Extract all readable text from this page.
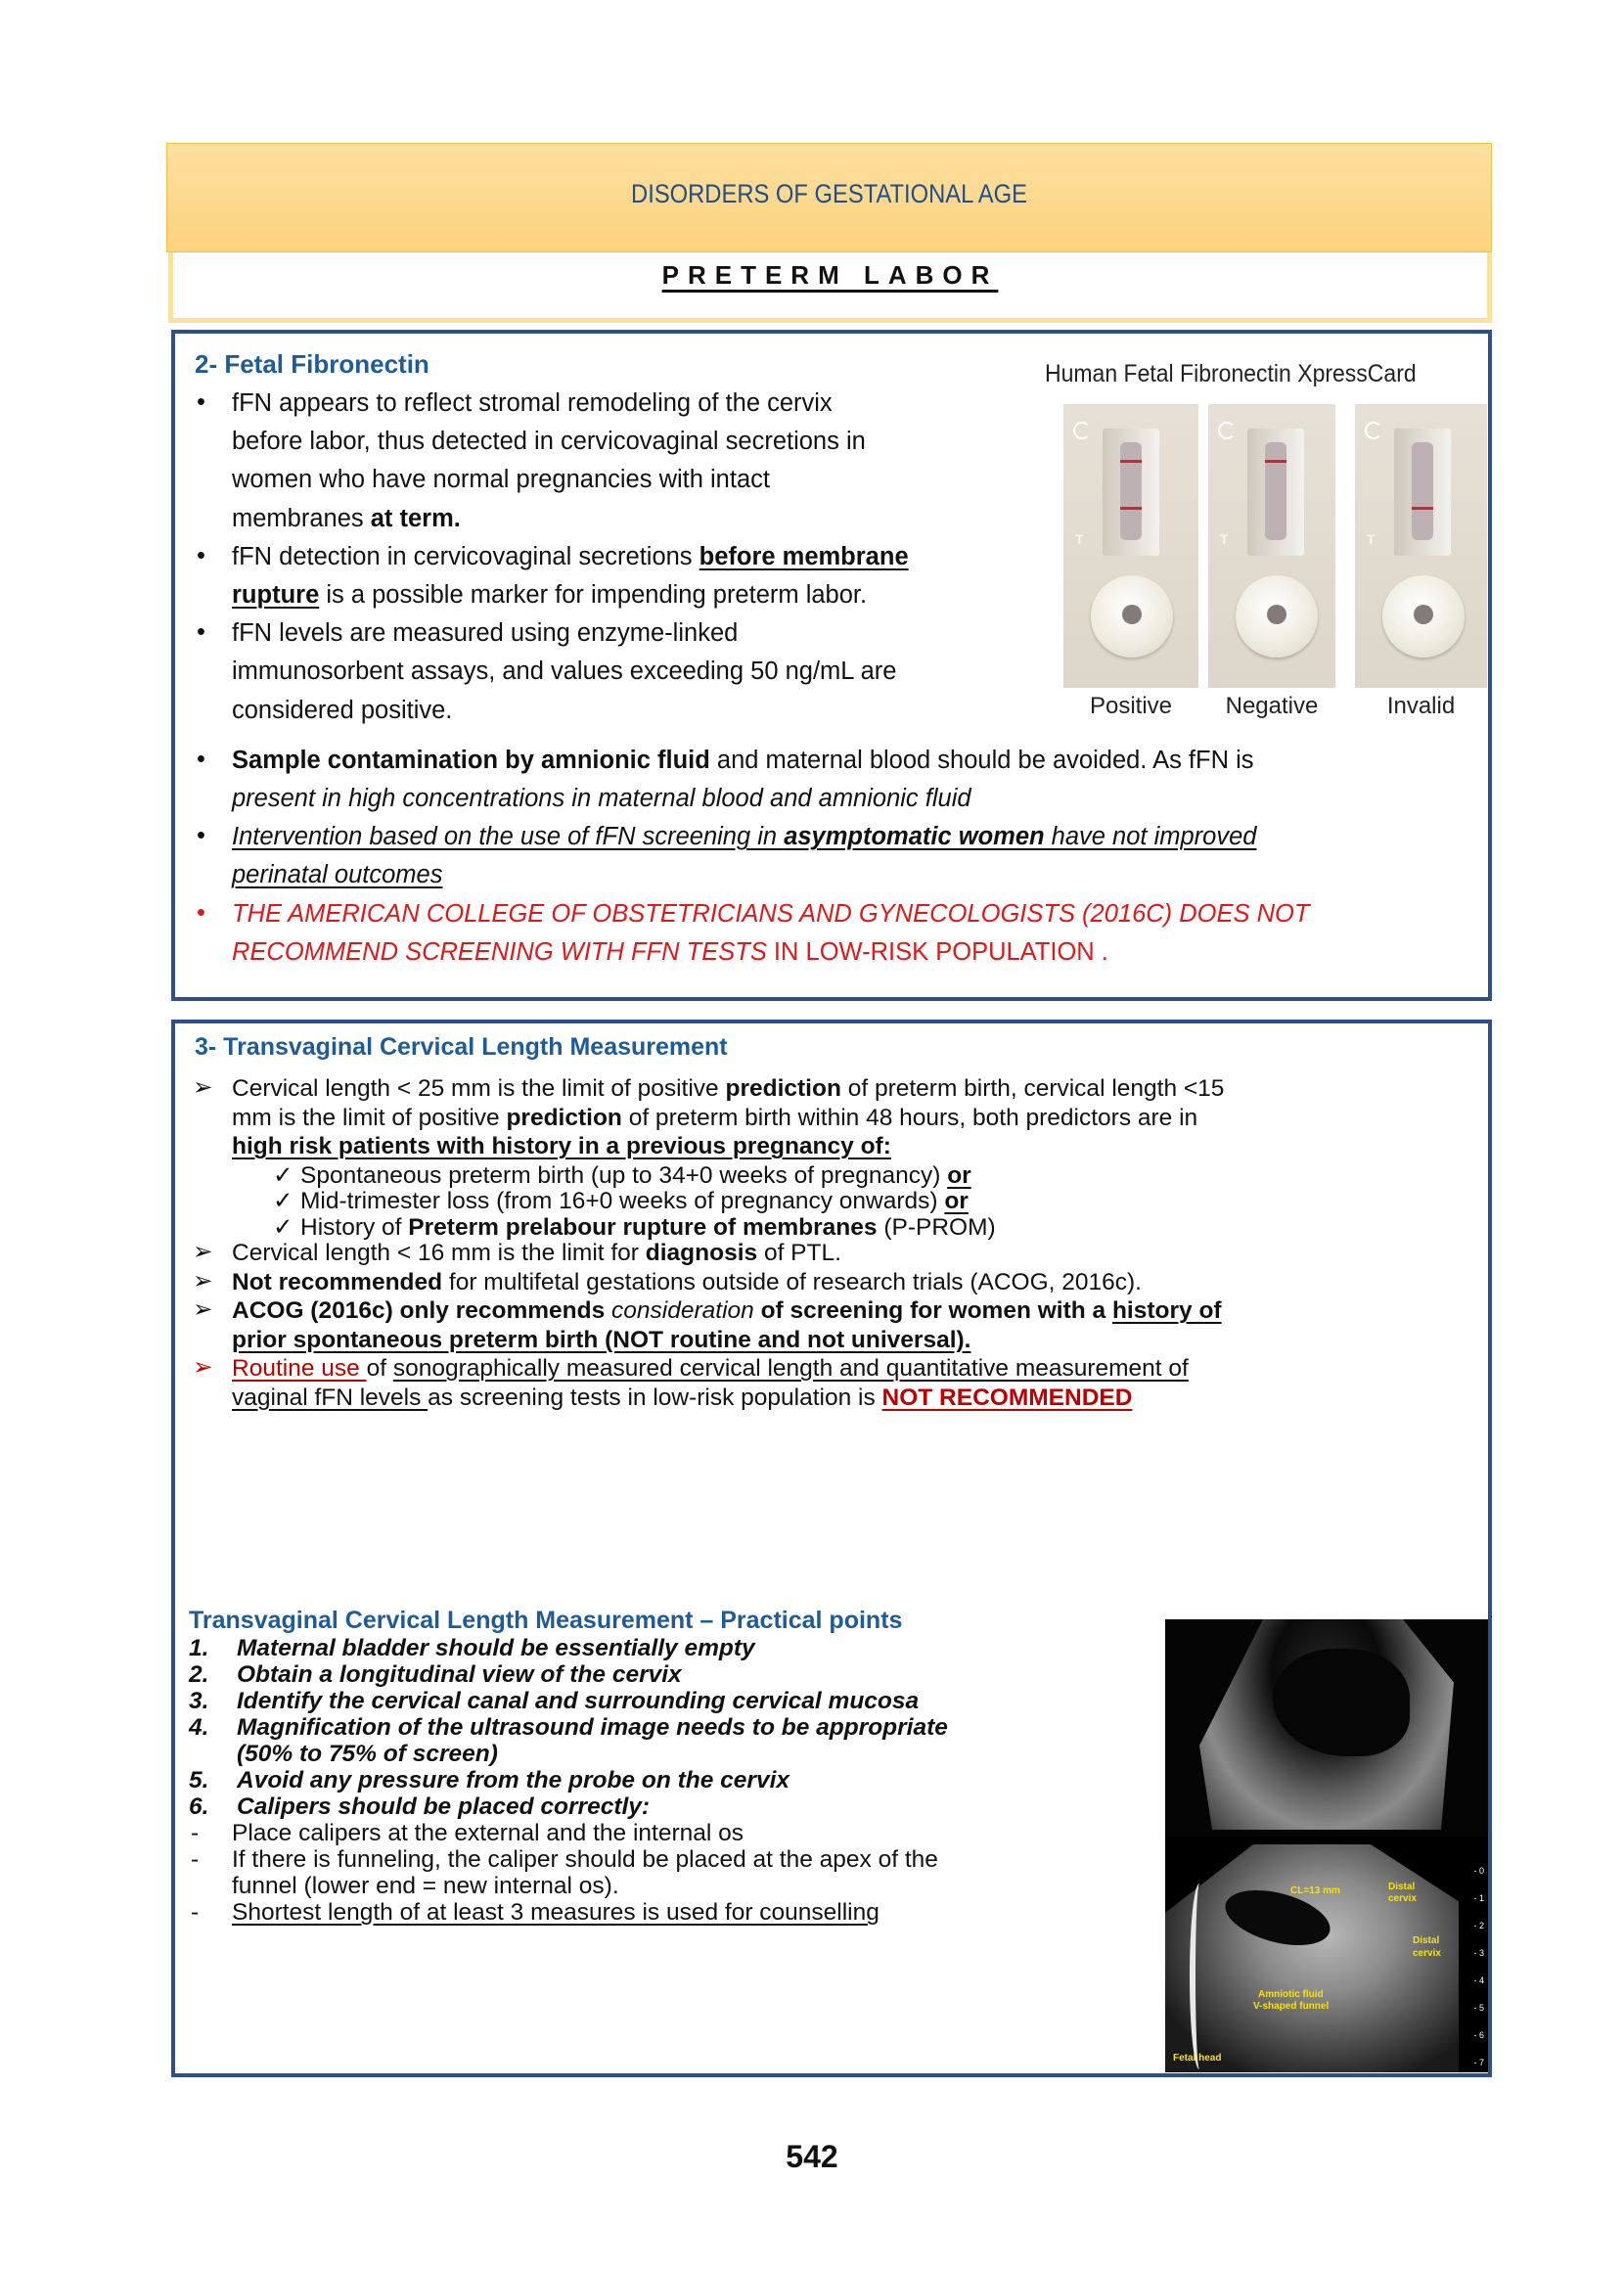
DISORDERS OF GESTATIONAL AGE
PRETERM LABOR
2- Fetal Fibronectin
• fFN appears to reflect stromal remodeling of the cervix
before labor, thus detected in cervicovaginal secretions in
women who have normal pregnancies with intact
membranes at term.
• fFN detection in cervicovaginal secretions before membrane
rupture is a possible marker for impending preterm labor.
• fFN levels are measured using enzyme-linked
immunosorbent assays, and values exceeding 50 ng/mL are
considered positive.
• Sample contamination by amnionic fluid and maternal blood should be avoided. As fFN is
present in high concentrations in maternal blood and amnionic fluid
• Intervention based on the use of fFN screening in asymptomatic women have not improved
perinatal outcomes
• THE AMERICAN COLLEGE OF OBSTETRICIANS AND GYNECOLOGISTS (2016C) DOES NOT
RECOMMEND SCREENING WITH FFN TESTS IN LOW-RISK POPULATION .
Human Fetal Fibronectin XpressCard
T
Positive
T
Negative
T
Invalid
3- Transvaginal Cervical Length Measurement
➢ Cervical length < 25 mm is the limit of positive prediction of preterm birth, cervical length <15
mm is the limit of positive prediction of preterm birth within 48 hours, both predictors are in
high risk patients with history in a previous pregnancy of:
✓ Spontaneous preterm birth (up to 34+0 weeks of pregnancy) or
✓ Mid-trimester loss (from 16+0 weeks of pregnancy onwards) or
✓ History of Preterm prelabour rupture of membranes (P-PROM)
➢ Cervical length < 16 mm is the limit for diagnosis of PTL.
➢ Not recommended for multifetal gestations outside of research trials (ACOG, 2016c).
➢ ACOG (2016c) only recommends consideration of screening for women with a history of
prior spontaneous preterm birth (NOT routine and not universal).
➢ Routine use of sonographically measured cervical length and quantitative measurement of
vaginal fFN levels as screening tests in low-risk population is NOT RECOMMENDED
Transvaginal Cervical Length Measurement – Practical points
1. Maternal bladder should be essentially empty
2. Obtain a longitudinal view of the cervix
3. Identify the cervical canal and surrounding cervical mucosa
4. Magnification of the ultrasound image needs to be appropriate
(50% to 75% of screen)
5. Avoid any pressure from the probe on the cervix
6. Calipers should be placed correctly:
- Place calipers at the external and the internal os
- If there is funneling, the caliper should be placed at the apex of the
funnel (lower end = new internal os).
- Shortest length of at least 3 measures is used for counselling
CL=13 mm	Distal
cervix
Distal
cervix
Amniotic fluid
V-shaped funnel
Fetal head
- 0
- 1
- 2
- 3
- 4
- 5
- 6
- 7
542
